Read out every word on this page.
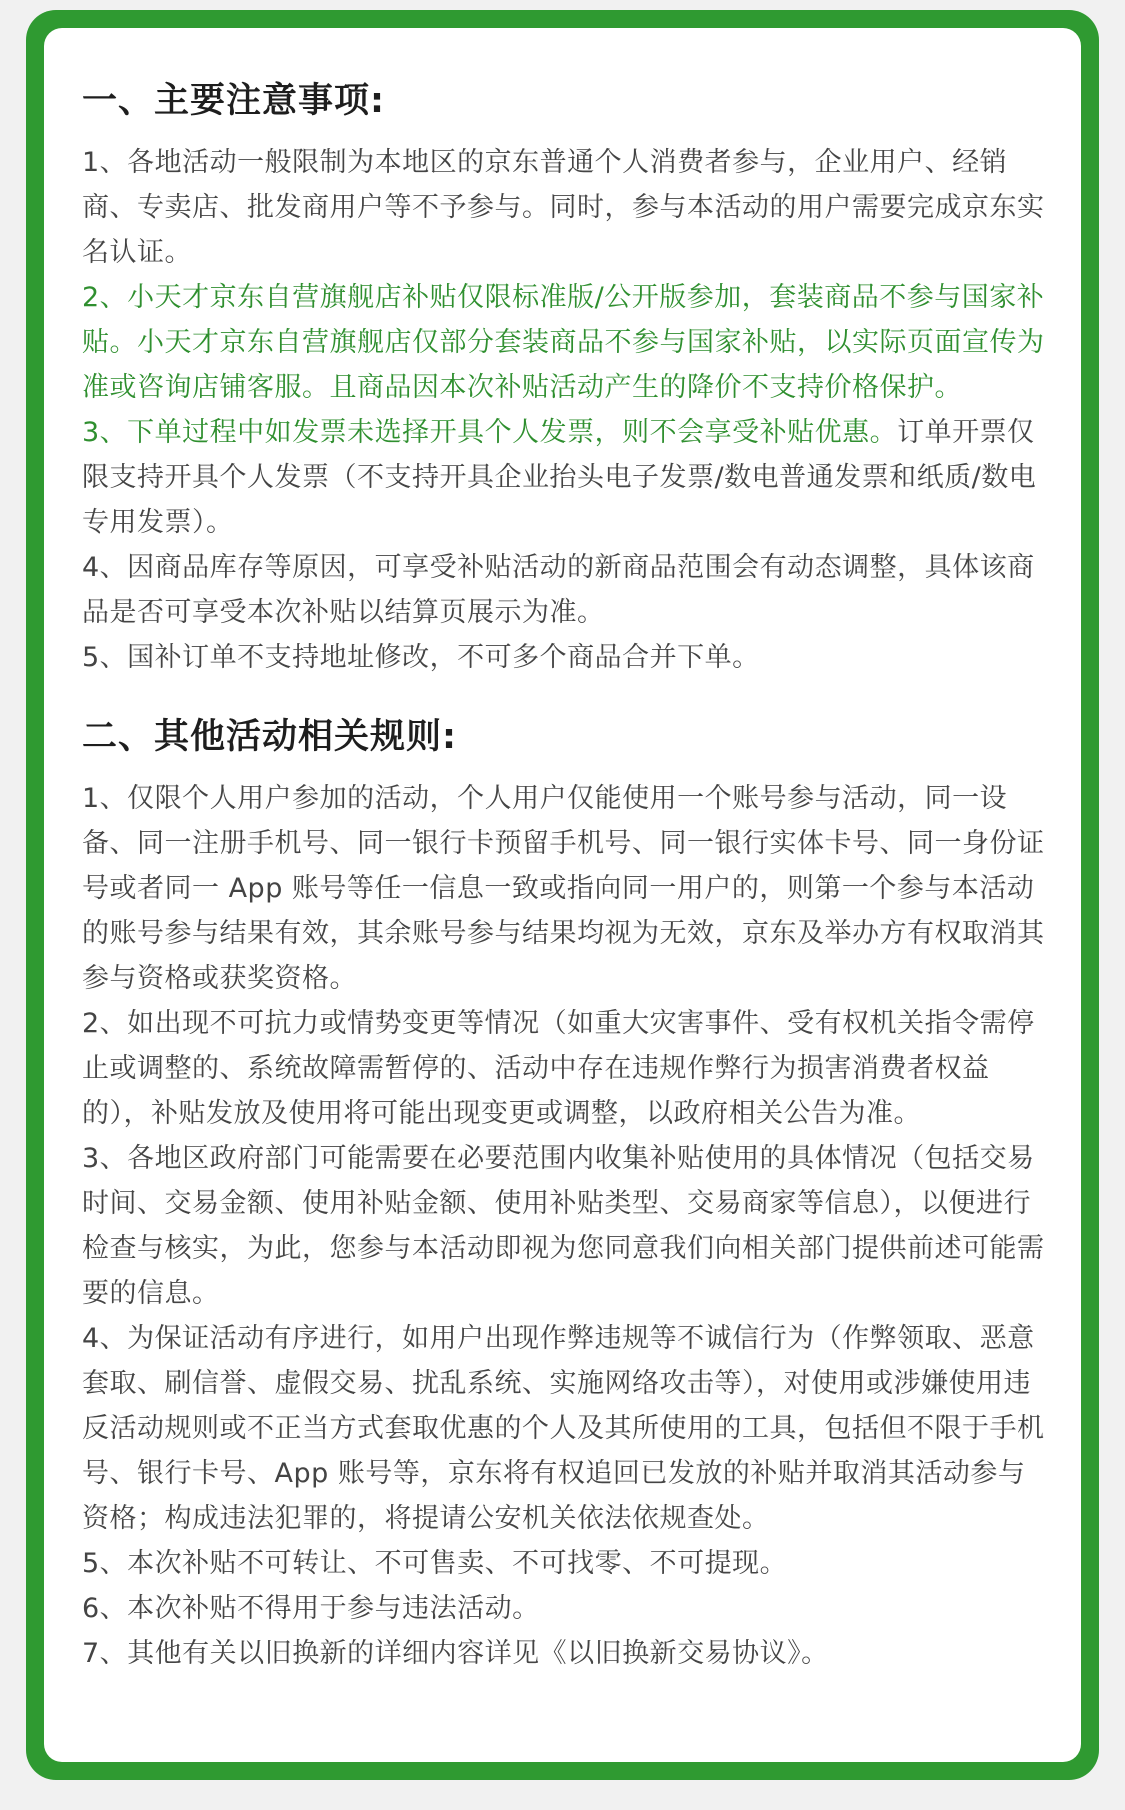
一、主要注意事项:

1、各地活动一般限制为本地区的京东普通个人消费者参与，企业用户、经销商、专卖店、批发商用户等不予参与。同时，参与本活动的用户需要完成京东实名认证。

2、小天才京东自营旗舰店补贴仅限标准版/公开版参加，套装商品不参与国家补贴。小天才京东自营旗舰店仅部分套装商品不参与国家补贴，以实际页面宣传为准或咨询店铺客服。且商品因本次补贴活动产生的降价不支持价格保护。

3、下单过程中如发票未选择开具个人发票，则不会享受补贴优惠。订单开票仅限支持开具个人发票（不支持开具企业抬头电子发票/数电普通发票和纸质/数电专用发票）。

4、因商品库存等原因，可享受补贴活动的新商品范围会有动态调整，具体该商品是否可享受本次补贴以结算页展示为准。

5、国补订单不支持地址修改，不可多个商品合并下单。

二、其他活动相关规则:

1、仅限个人用户参加的活动，个人用户仅能使用一个账号参与活动，同一设备、同一注册手机号、同一银行卡预留手机号、同一银行实体卡号、同一身份证号或者同一 App 账号等任一信息一致或指向同一用户的，则第一个参与本活动的账号参与结果有效，其余账号参与结果均视为无效，京东及举办方有权取消其参与资格或获奖资格。

2、如出现不可抗力或情势变更等情况（如重大灾害事件、受有权机关指令需停止或调整的、系统故障需暂停的、活动中存在违规作弊行为损害消费者权益的），补贴发放及使用将可能出现变更或调整，以政府相关公告为准。

3、各地区政府部门可能需要在必要范围内收集补贴使用的具体情况（包括交易时间、交易金额、使用补贴金额、使用补贴类型、交易商家等信息），以便进行检查与核实，为此，您参与本活动即视为您同意我们向相关部门提供前述可能需要的信息。

4、为保证活动有序进行，如用户出现作弊违规等不诚信行为（作弊领取、恶意套取、刷信誉、虚假交易、扰乱系统、实施网络攻击等），对使用或涉嫌使用违反活动规则或不正当方式套取优惠的个人及其所使用的工具，包括但不限于手机号、银行卡号、App 账号等，京东将有权追回已发放的补贴并取消其活动参与资格；构成违法犯罪的，将提请公安机关依法依规查处。

5、本次补贴不可转让、不可售卖、不可找零、不可提现。

6、本次补贴不得用于参与违法活动。

7、其他有关以旧换新的详细内容详见《以旧换新交易协议》。
